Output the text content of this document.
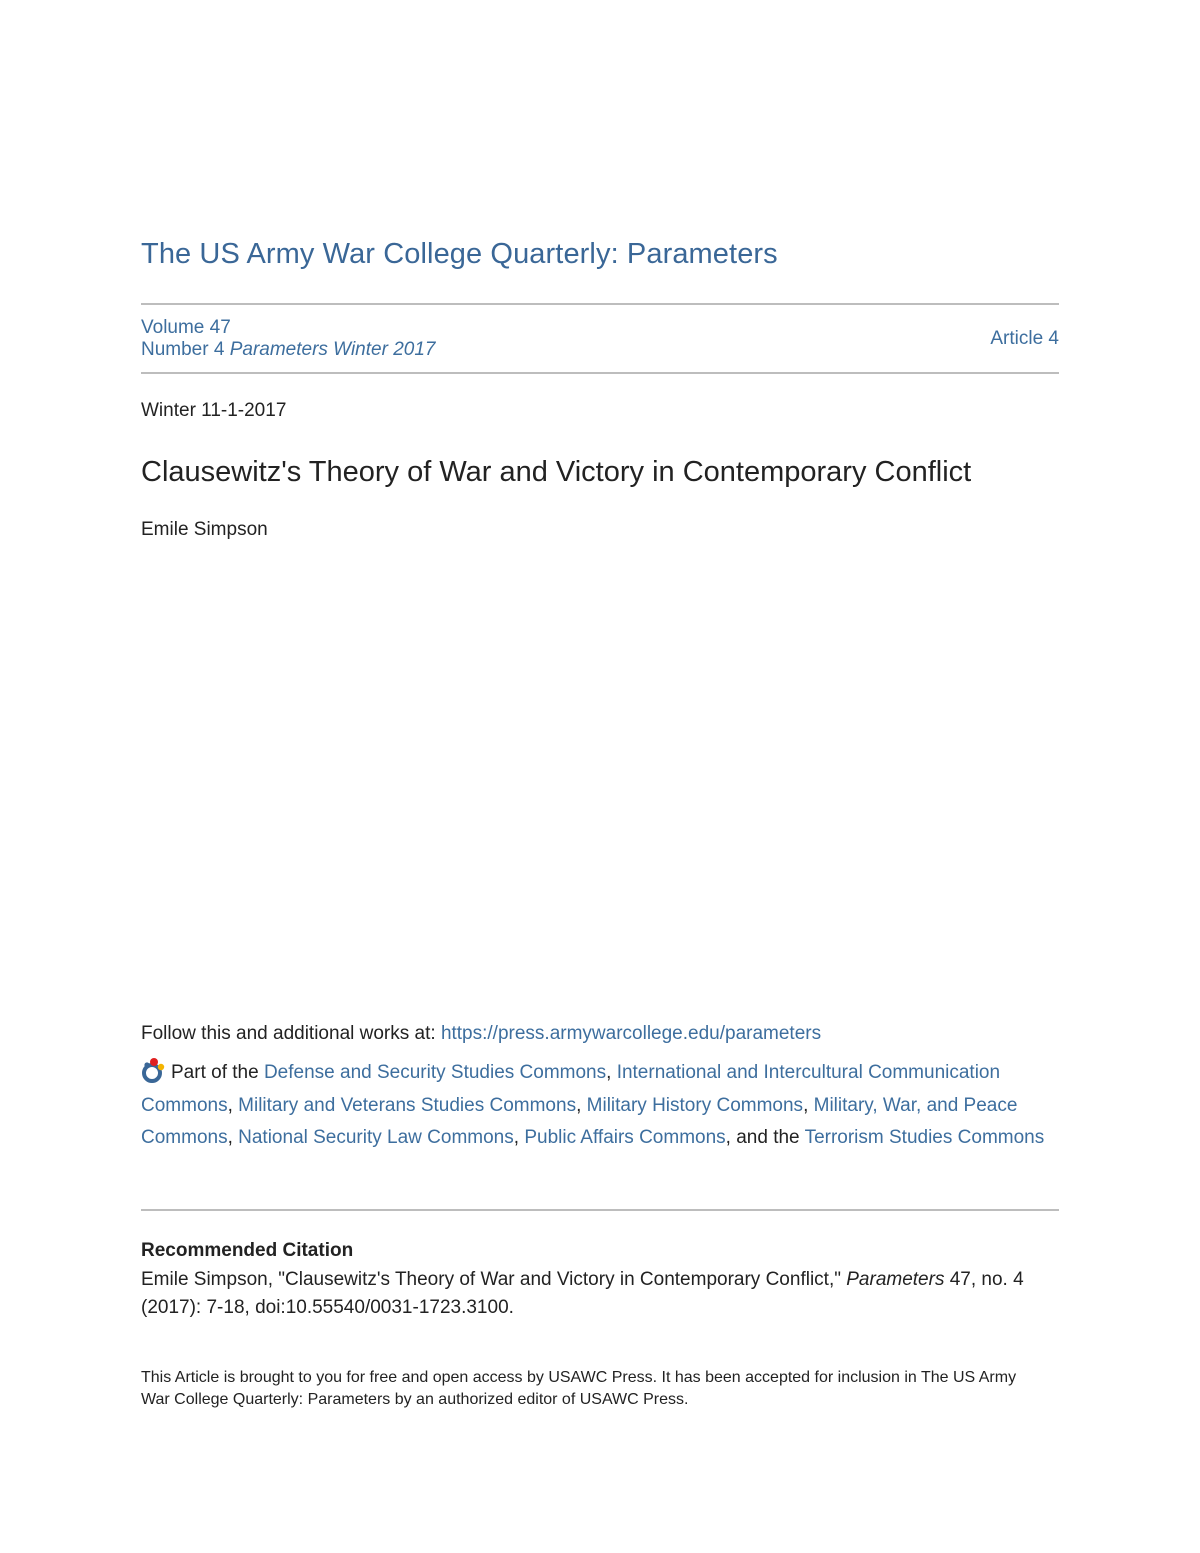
The US Army War College Quarterly: Parameters
Volume 47
Number 4 Parameters Winter 2017
Article 4
Winter 11-1-2017
Clausewitz's Theory of War and Victory in Contemporary Conflict
Emile Simpson
Follow this and additional works at: https://press.armywarcollege.edu/parameters
Part of the Defense and Security Studies Commons, International and Intercultural Communication Commons, Military and Veterans Studies Commons, Military History Commons, Military, War, and Peace Commons, National Security Law Commons, Public Affairs Commons, and the Terrorism Studies Commons
Recommended Citation
Emile Simpson, "Clausewitz's Theory of War and Victory in Contemporary Conflict," Parameters 47, no. 4 (2017): 7-18, doi:10.55540/0031-1723.3100.
This Article is brought to you for free and open access by USAWC Press. It has been accepted for inclusion in The US Army War College Quarterly: Parameters by an authorized editor of USAWC Press.
